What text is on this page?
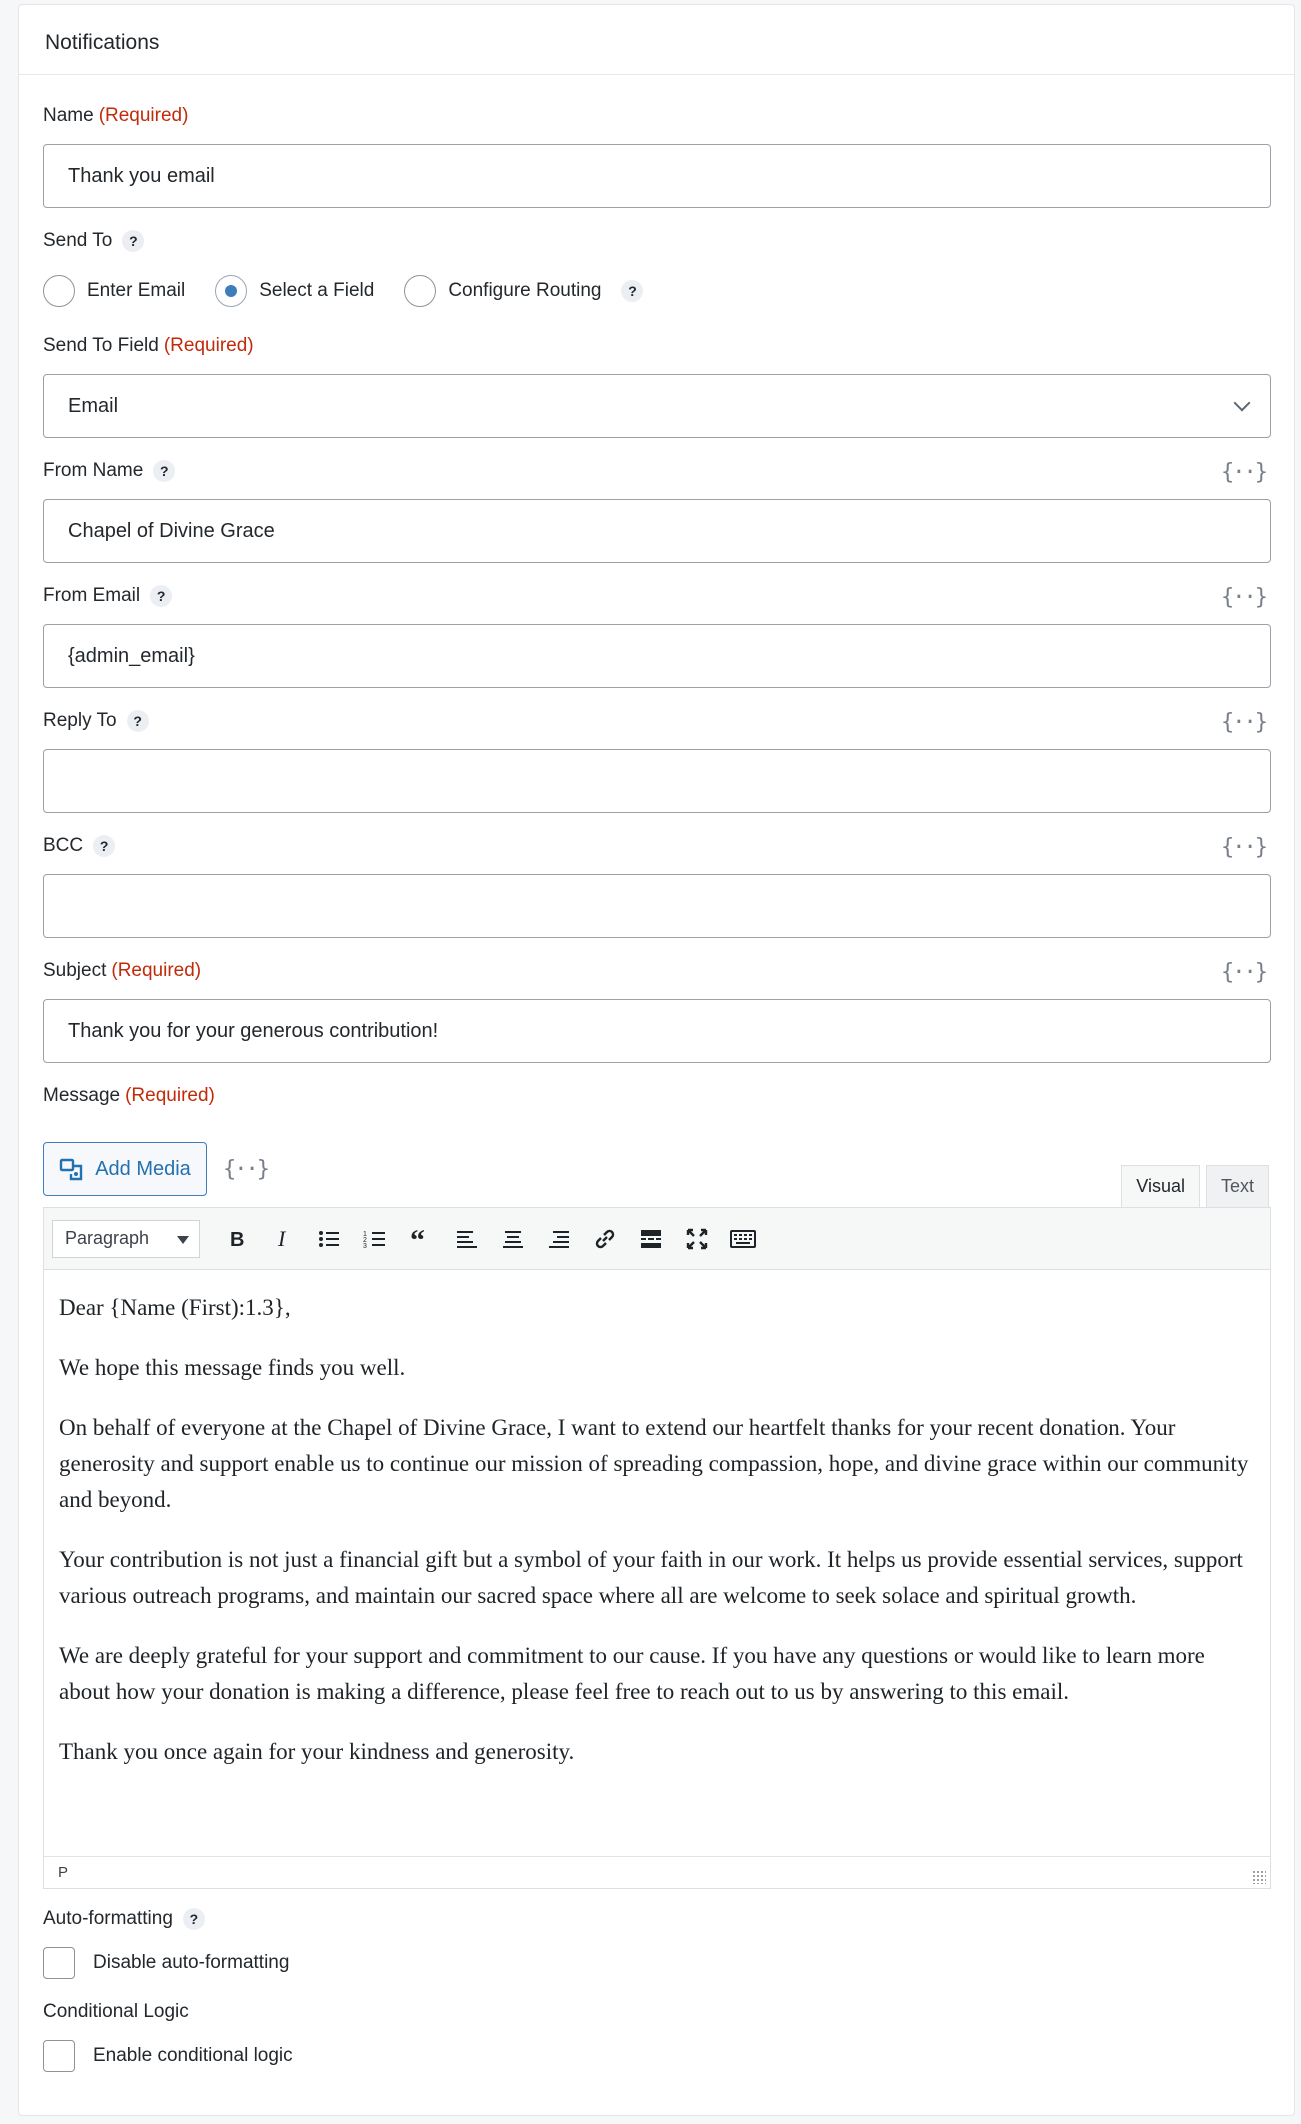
Notifications
Name (Required)
Thank you email
Send To	?
Enter Email	Select a Field	Configure Routing	?
Send To Field (Required)
Email
From Name	?	{··}
Chapel of Divine Grace
From Email	?	{··}
{admin_email}
Reply To	?	{··}
BCC	?	{··}
Subject (Required)	{··}
Thank you for your generous contribution!
Message (Required)
Add Media {··}
Visual	Text
Paragraph	B I	1
2
3 “

Dear {Name (First):1.3},

We hope this message finds you well.

On behalf of everyone at the Chapel of Divine Grace, I want to extend our heartfelt thanks for your recent donation. Your generosity and support enable us to continue our mission of spreading compassion, hope, and divine grace within our community and beyond.

Your contribution is not just a financial gift but a symbol of your faith in our work. It helps us provide essential services, support various outreach programs, and maintain our sacred space where all are welcome to seek solace and spiritual growth.

We are deeply grateful for your support and commitment to our cause. If you have any questions or would like to learn more about how your donation is making a difference, please feel free to reach out to us by answering to this email.

Thank you once again for your kindness and generosity.

P
Auto-formatting	?
Disable auto-formatting
Conditional Logic
Enable conditional logic
